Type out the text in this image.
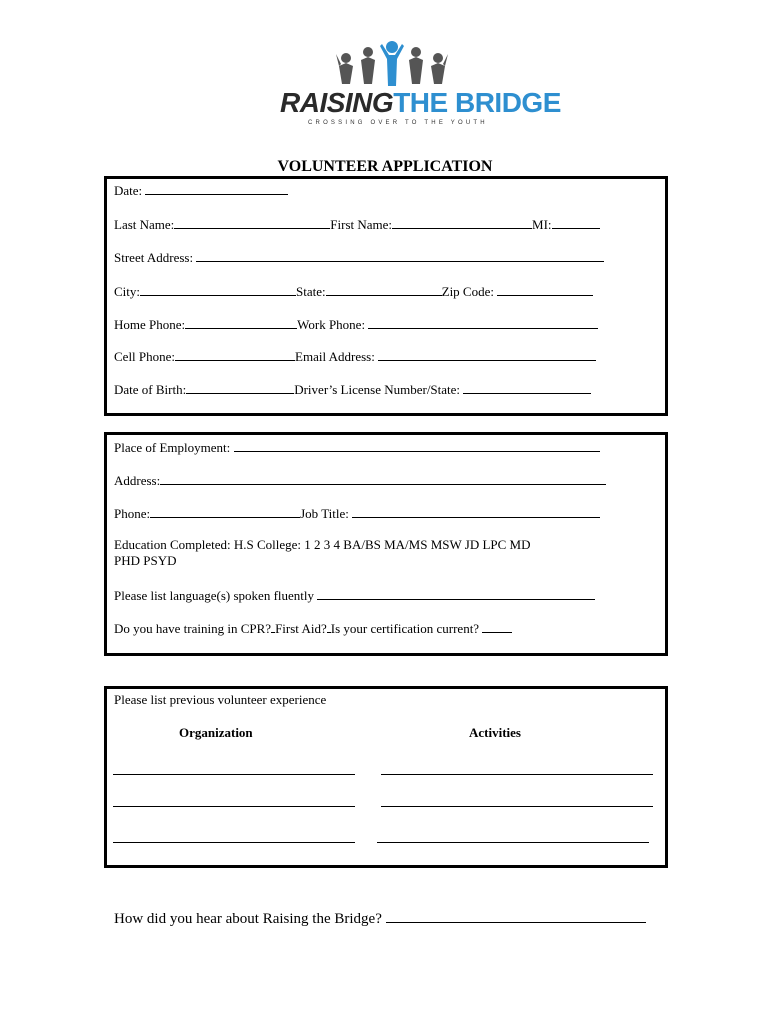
RAISINGTHE BRIDGE
CROSSING OVER TO THE YOUTH
VOLUNTEER APPLICATION
Date:
Last Name:	First Name:	MI:
Street Address:
City:	State:	Zip Code:
Home Phone:	Work Phone:
Cell Phone:	Email Address:
Date of Birth:	Driver’s License Number/State:
Place of Employment:
Address:
Phone:	Job Title:
Education Completed: H.S College: 1 2 3 4 BA/BS MA/MS MSW JD LPC MD
PHD PSYD
Please list language(s) spoken fluently
Do you have training in CPR? First Aid? Is your certification current?
Please list previous volunteer experience
Organization	Activities
How did you hear about Raising the Bridge?
